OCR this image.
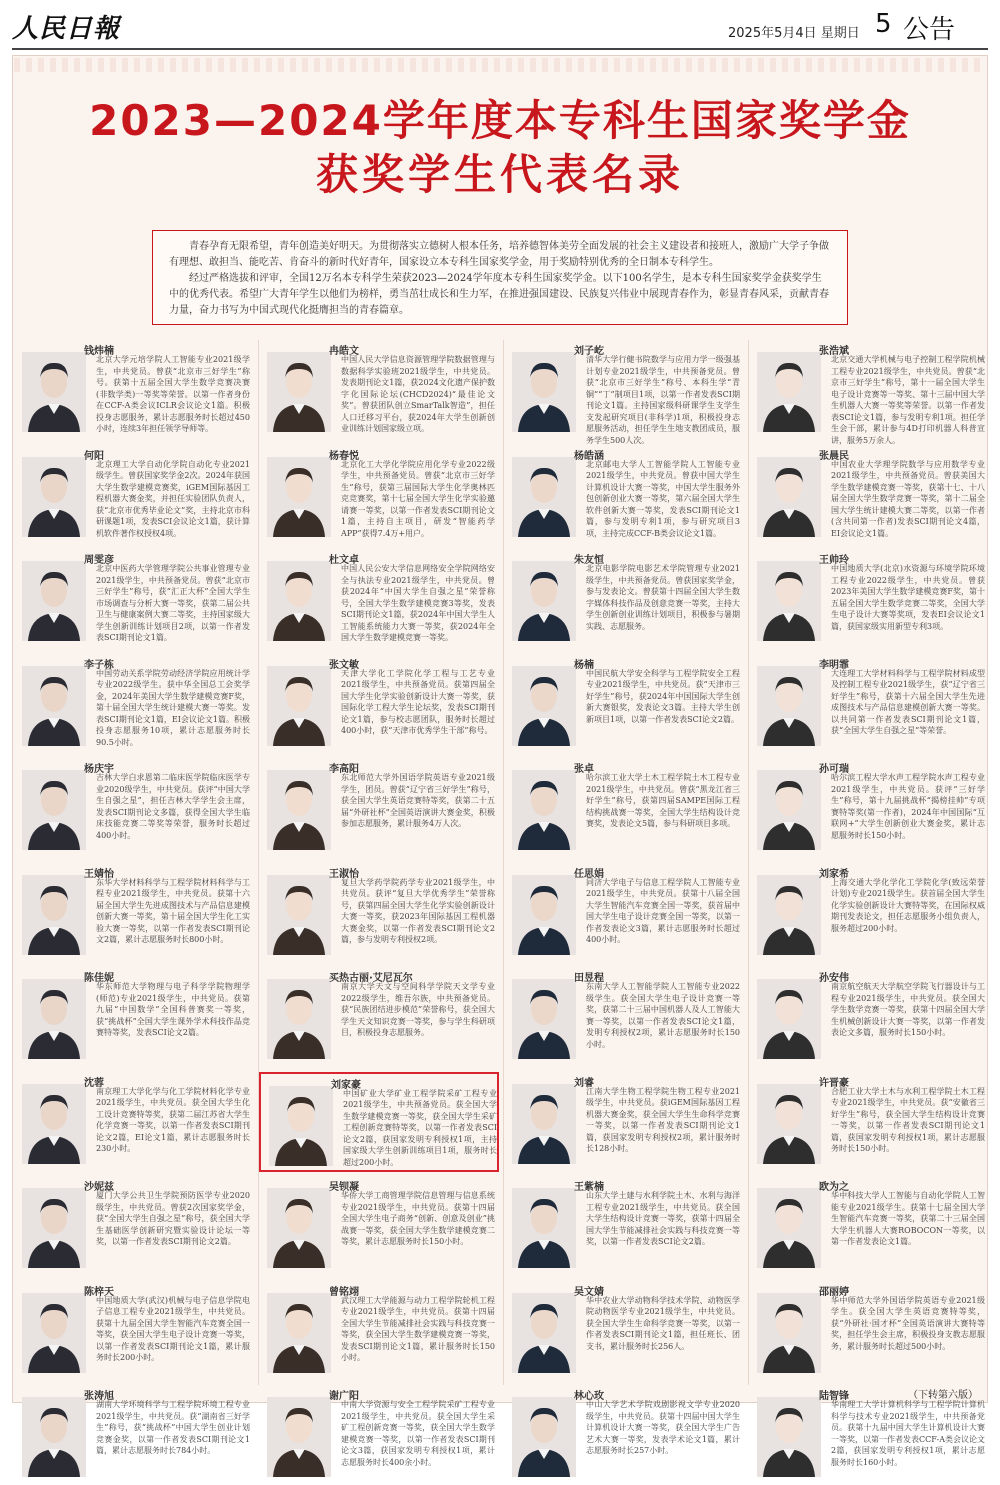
人民日報	2025年5月4日 星期日 5 公告
2023—2024学年度本专科生国家奖学金
获奖学生代表名录

青春孕育无限希望，青年创造美好明天。为贯彻落实立德树人根本任务，培养德智体美劳全面发展的社会主义建设者和接班人，激励广大学子争做有理想、敢担当、能吃苦、肯奋斗的新时代好青年，国家设立本专科生国家奖学金，用于奖励特别优秀的全日制本专科学生。

经过严格选拔和评审，全国12万名本专科学生荣获2023—2024学年度本专科生国家奖学金。以下100名学生，是本专科生国家奖学金获奖学生中的优秀代表。希望广大青年学生以他们为榜样，勇当茁壮成长和生力军，在推进强国建设、民族复兴伟业中展现青春作为，彰显青春风采，贡献青春力量，奋力书写为中国式现代化挺膺担当的青春篇章。

钱炜楠
北京大学元培学院人工智能专业2021级学生，中共党员。曾获“北京市三好学生”称号。获第十五届全国大学生数学竞赛决赛(非数学类)一等奖等荣誉。以第一作者身份在CCF-A类会议ICLR会议论文1篇。积极投身志愿服务，累计志愿服务时长超过450小时，连续3年担任领学导师等。
冉皓文
中国人民大学信息资源管理学院数据管理与数据科学实验班2021级学生，中共党员。发表期刊论文1篇，获2024文化遗产保护数字化国际论坛(CHCD2024)“最佳论文奖”。曾获团队创立SmarTalk智造”，担任人口迁移习平台，获2024年大学生创新创业训练计划国家级立项。
刘子屹
清华大学行健书院数学与应用力学一级强基计划专业2021级学生，中共预备党员。曾获“北京市三好学生”称号、本科生学“青铜”“丁”制项目1项，以第一作者发表SCI期刊论文1篇。主持国家级科研课学生支学生支发起研究项目(非科学)1项，积极投身志愿服务活动，担任学生生地支教团成员，服务学生500人次。
张浩斌
北京交通大学机械与电子控制工程学院机械工程专业2021级学生，中共党员。曾获“北京市三好学生”称号，第十一届全国大学生电子设计竞赛等一等奖、第十三届中国大学生机器人大赛一等奖等荣誉。以第一作者发表SCI论文1篇，参与发明专利1项。担任学生会干部，累计参与4D打印机器人科普宣讲，服务5万余人。
何阳
北京理工大学自动化学院自动化专业2021级学生。曾获国家奖学金2次。2024年获国大学生数学建模竞赛奖，iGEM国际基因工程机器大赛金奖，并担任实验团队负责人，获“北京市优秀毕业论文”奖，主持北京市科研课题1项，发表SCI会议论文1篇，获计算机软件著作权授权4项。
杨春悦
北京化工大学化学院应用化学专业2022级学生，中共预备党员。曾获“北京市三好学生”称号，获第三届国际大学生化学奥林匹克竞赛奖，第十七届全国大学生化学实验邀请赛一等奖，以第一作者发表SCI期刊论文1篇，主持自主项目，研发“智能药学APP”获得7.4万+用户。
杨皓涵
北京邮电大学人工智能学院人工智能专业2021级学生，中共党员。曾获中国大学生计算机设计大赛一等奖，中国大学生服务外包创新创业大赛一等奖，第六届全国大学生软件创新大赛一等奖，发表SCI期刊论文1篇，参与发明专利1项，参与研究项目3项，主持完成CCF-B类会议论文1篇。
张晨民
中国农业大学理学院数学与应用数学专业2021级学生，中共预备党员。曾获美国大学生数学建模竞赛一等奖，获第十七、十八届全国大学生数学竞赛一等奖，第十二届全国大学生统计建模大赛二等奖，以第一作者(含共同第一作者)发表SCI期刊论文4篇，EI会议论文1篇。
周雯彦
北京中医药大学管理学院公共事业管理专业2021级学生，中共预备党员。曾获“北京市三好学生”称号，获“汇正大杯”全国大学生市场调查与分析大赛一等奖，获第二届公共卫生与健康案例大赛二等奖，主持国家级大学生创新训练计划项目2项，以第一作者发表SCI期刊论文1篇。
杜文卓
中国人民公安大学信息网络安全学院网络安全与执法专业2021级学生，中共党员。曾获2024年“中国大学生自强之星”荣誉称号，全国大学生数学建模竞赛3等奖，发表SCI期刊论文1篇，获2024年中国大学生人工智能系统能力大赛一等奖，获2024年全国大学生数学建模竞赛一等奖。
朱友恒
北京电影学院电影艺术学院管理专业2021级学生，中共预备党员。曾获国家奖学金，参与发表论文。曾获第十四届全国大学生数字媒体科技作品及创意竞赛一等奖，主持大学生创新创业训练计划项目，积极参与暑期实践、志愿服务。
王帅玲
中国地质大学(北京)水资源与环境学院环境工程专业2022级学生，中共党员。曾获2023年美国大学生数学建模竞赛F奖，第十五届全国大学生数学竞赛二等奖，全国大学生电子设计大赛等奖项，发表EI会议论文1篇，获国家级实用新型专利3项。
李子栋
中国劳动关系学院劳动经济学院应用统计学专业2022级学生。获中华全国总工会奖学金，2024年美国大学生数学建模竞赛F奖，第十届全国大学生统计建模大赛一等奖。发表SCI期刊论文1篇，EI会议论文1篇。积极投身志愿服务10项，累计志愿服务时长90.5小时。
张文敏
天津大学化工学院化学工程与工艺专业2021级学生，中共预备党员。获第四届全国大学生化学实验创新设计大赛一等奖，获国际化学工程大学生论坛奖，发表SCI期刊论文1篇，参与校志愿团队，服务时长超过400小时，获“天津市优秀学生干部”称号。
杨楠
中国民航大学安全科学与工程学院安全工程专业2021级学生，中共党员。获“天津市三好学生”称号，获2024年中国国际大学生创新大赛银奖，发表论文3篇。主持大学生创新项目1项，以第一作者发表SCI论文2篇。
李明霏
大连理工大学材料科学与工程学院材料成型及控制工程专业2021级学生，获“辽宁省三好学生”称号，获第十六届全国大学生先进成图技术与产品信息建模创新大赛一等奖。以共同第一作者发表SCI期刊论文1篇，获“全国大学生自强之星”等荣誉。
杨庆宇
吉林大学白求恩第二临床医学院临床医学专业2020级学生，中共党员。获评“中国大学生自强之星”，担任吉林大学学生会主席，发表SCI期刊论文多篇，获得全国大学生临床技能竞赛二等奖等荣誉，服务时长超过400小时。
李高阳
东北师范大学外国语学院英语专业2021级学生，团员。曾获“辽宁省三好学生”称号，获全国大学生英语竞赛特等奖，获第二十五届“外研社杯”全国英语演讲大赛金奖，积极参加志愿服务，累计服务4万人次。
张卓
哈尔滨工业大学土木工程学院土木工程专业2021级学生，中共党员。曾获“黑龙江省三好学生”称号，获第四届SAMPE国际工程结构挑战赛一等奖，全国大学生结构设计竞赛奖，发表论文5篇，参与科研项目多项。
孙可瑞
哈尔滨工程大学水声工程学院水声工程专业2021级学生，中共党员。获评“三好学生”称号，第十九届挑战杯“揭榜挂帅”专项赛特等奖(第一作者)，2024年中国国际“互联网+”大学生创新创业大赛金奖，累计志愿服务时长150小时。
王婧怡
东华大学材料科学与工程学院材料科学与工程专业2021级学生，中共党员。获第十六届全国大学生先进成图技术与产品信息建模创新大赛一等奖，第十届全国大学生化工实验大赛一等奖，以第一作者发表SCI期刊论文2篇，累计志愿服务时长800小时。
王淑怡
复旦大学药学院药学专业2021级学生，中共党员。获评“复旦大学优秀学生”荣誉称号，获第四届全国大学生化学实验创新设计大赛一等奖，获2023年国际基因工程机器大赛金奖，以第一作者发表SCI期刊论文2篇，参与发明专利授权2项。
任思娟
同济大学电子与信息工程学院人工智能专业2021级学生，中共党员。获第十八届全国大学生智能汽车竞赛全国一等奖，获首届中国大学生电子设计竞赛全国一等奖，以第一作者发表论文3篇，累计志愿服务时长超过400小时。
刘家希
上海交通大学化学化工学院化学(致远荣誉计划)专业2021级学生。获首届全国大学生化学实验创新设计大赛特等奖，在国际权威期刊发表论文，担任志愿服务小组负责人，服务超过200小时。
陈佳妮
华东师范大学物理与电子科学学院物理学(师范)专业2021级学生，中共党员。获第九届“中国数学”全国科普赛奖一等奖，获“挑战杯”全国大学生课外学术科技作品竞赛特等奖，发表SCI论文2篇。
买热古丽·艾尼瓦尔
南京大学天文与空间科学学院天文学专业2022级学生，维吾尔族，中共预备党员。获“民族团结进步模范”荣誉称号，获全国大学生天文知识竞赛一等奖，参与学生科研项目，积极投身志愿服务。
田昱程
东南大学人工智能学院人工智能专业2022级学生。获全国大学生电子设计竞赛一等奖，获第二十三届中国机器人及人工智能大赛一等奖，以第一作者发表SCI论文1篇，发明专利授权2项，累计志愿服务时长150小时。
孙安伟
南京航空航天大学航空学院飞行器设计与工程专业2021级学生，中共党员。获全国大学生数学竞赛一等奖，获第十四届全国大学生机械创新设计大赛一等奖，以第一作者发表论文多篇，服务时长150小时。
沈蓉
南京理工大学化学与化工学院材料化学专业2021级学生，中共党员。获全国大学生化工设计竞赛特等奖，获第二届江苏省大学生化学竞赛一等奖，以第一作者发表SCI期刊论文2篇，EI论文1篇，累计志愿服务时长230小时。
刘家豪
中国矿业大学矿业工程学院采矿工程专业2021级学生，中共预备党员。获全国大学生数学建模竞赛一等奖，获全国大学生采矿工程创新竞赛特等奖，以第一作者发表SCI论文2篇，获国家发明专利授权1项，主持国家级大学生创新训练项目1项，服务时长超过200小时。
刘睿
江南大学生物工程学院生物工程专业2021级学生，中共党员。获iGEM国际基因工程机器大赛金奖，获全国大学生生命科学竞赛一等奖，以第一作者发表SCI期刊论文1篇，获国家发明专利授权2项，累计服务时长128小时。
许晋豪
合肥工业大学土木与水利工程学院土木工程专业2021级学生，中共党员。获“安徽省三好学生”称号，获全国大学生结构设计竞赛一等奖，以第一作者发表SCI期刊论文1篇，获国家发明专利授权1项，累计志愿服务时长150小时。
沙妮兹
厦门大学公共卫生学院预防医学专业2020级学生，中共党员。曾获2次国家奖学金，获“全国大学生自强之星”称号，获全国大学生基础医学创新研究暨实验设计论坛一等奖，以第一作者发表SCI期刊论文2篇。
吴钡凝
华侨大学工商管理学院信息管理与信息系统专业2021级学生，中共党员。获第十四届全国大学生电子商务“创新、创意及创业”挑战赛一等奖，获全国大学生数学建模竞赛二等奖，累计志愿服务时长150小时。
王紫楠
山东大学土建与水利学院土木、水利与海洋工程专业2021级学生，中共党员。获全国大学生结构设计竞赛一等奖，获第十四届全国大学生节能减排社会实践与科技竞赛一等奖，以第一作者发表SCI论文2篇。
欧为之
华中科技大学人工智能与自动化学院人工智能专业2021级学生。获第十七届全国大学生智能汽车竞赛一等奖，获第二十三届全国大学生机器人大赛ROBOCON一等奖，以第一作者发表论文1篇。
陈梓天
中国地质大学(武汉)机械与电子信息学院电子信息工程专业2021级学生，中共党员。获第十九届全国大学生智能汽车竞赛全国一等奖，获全国大学生电子设计竞赛一等奖，以第一作者发表SCI期刊论文1篇，累计服务时长200小时。
曾铭翊
武汉理工大学能源与动力工程学院轮机工程专业2021级学生，中共党员。获第十四届全国大学生节能减排社会实践与科技竞赛一等奖，获全国大学生数学建模竞赛一等奖，发表SCI期刊论文1篇，累计服务时长150小时。
吴文婧
华中农业大学动物科学技术学院、动物医学院动物医学专业2021级学生，中共党员。获全国大学生生命科学竞赛一等奖，以第一作者发表SCI期刊论文1篇，担任班长、团支书，累计服务时长256人。
邵丽婷
华中师范大学外国语学院英语专业2021级学生。获全国大学生英语竞赛特等奖，获“外研社·国才杯”全国英语演讲大赛特等奖，担任学生会主席，积极投身支教志愿服务，累计服务时长超过500小时。
张涛旭
湖南大学环境科学与工程学院环境工程专业2021级学生，中共党员。获“湖南省三好学生”称号，获“挑战杯”中国大学生创业计划竞赛金奖，以第一作者发表SCI期刊论文1篇，累计志愿服务时长784小时。
谢广阳
中南大学资源与安全工程学院采矿工程专业2021级学生，中共党员。获全国大学生采矿工程创新竞赛一等奖，获全国大学生数学建模竞赛一等奖，以第一作者发表SCI期刊论文3篇，获国家发明专利授权1项，累计志愿服务时长400余小时。
林心玫
中山大学艺术学院戏剧影视文学专业2020级学生，中共党员。获第十四届中国大学生计算机设计大赛一等奖，获全国大学生广告艺术大赛一等奖，发表学术论文1篇，累计志愿服务时长257小时。
陆智锋
华南理工大学计算机科学与工程学院计算机科学与技术专业2021级学生，中共预备党员。获第十九届中国大学生计算机设计大赛一等奖，以第一作者发表CCF-A类会议论文2篇，获国家发明专利授权1项，累计志愿服务时长160小时。
（下转第六版）
